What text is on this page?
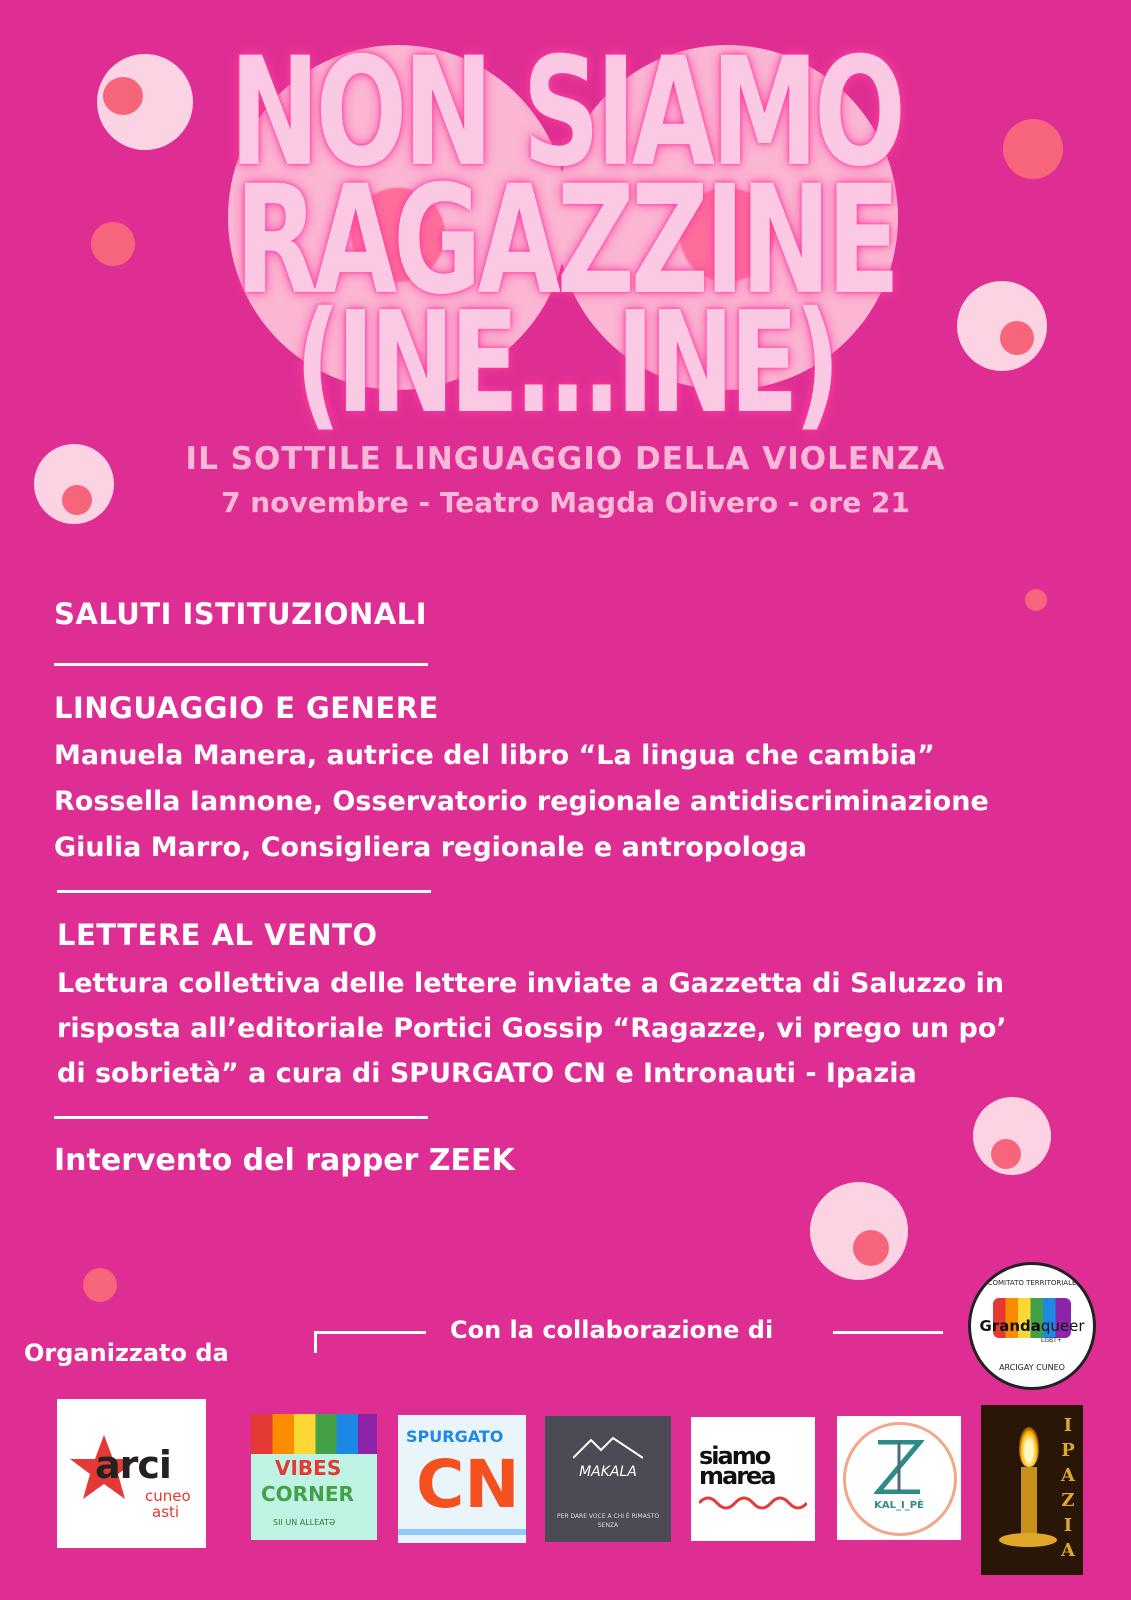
NON SIAMO
RAGAZZINE
(INE...INE)
IL SOTTILE LINGUAGGIO DELLA VIOLENZA
7 novembre - Teatro Magda Olivero - ore 21
SALUTI ISTITUZIONALI
LINGUAGGIO E GENERE
Manuela Manera, autrice del libro “La lingua che cambia”
Rossella Iannone, Osservatorio regionale antidiscriminazione
Giulia Marro, Consigliera regionale e antropologa
LETTERE AL VENTO
Lettura collettiva delle lettere inviate a Gazzetta di Saluzzo in
risposta all’editoriale Portici Gossip “Ragazze, vi prego un po’
di sobrietà” a cura di SPURGATO CN e Intronauti - Ipazia
Intervento del rapper ZEEK
Organizzato da
Con la collaborazione di
COMITATO TERRITORIALE
Grandaqueer
LGBT+
ARCIGAY CUNEO
arci
cuneo
asti
VIBES
CORNER
SII UN ALLEATƏ
SPURGATO
CN	MAKALA
PER DARE VOCE A CHI È RIMASTO SENZA
siamo
marea
KAL_I_PÈ
IPAZIA
